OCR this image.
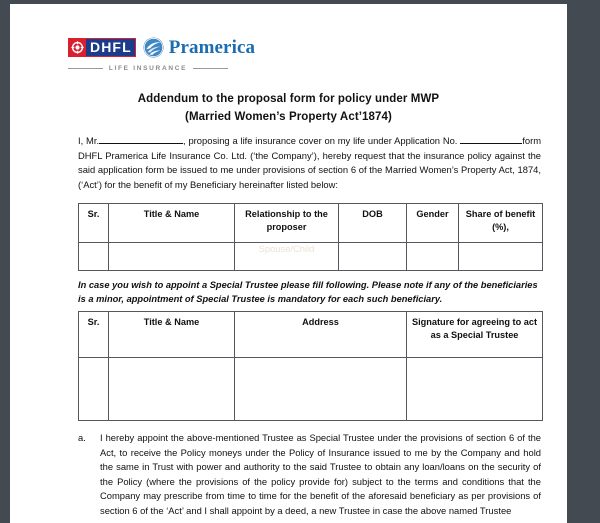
DHFL Pramerica
LIFE INSURANCE
Addendum to the proposal form for policy under MWP
(Married Women’s Property Act’1874)
I, Mr.	, proposing a life insurance cover on my life under Application No.	form DHFL Pramerica Life Insurance Co. Ltd. (‘the Company’), hereby request that the insurance policy against the said application form be issued to me under provisions of section 6 of the Married Women’s Property Act, 1874, (‘Act’) for the benefit of my Beneficiary hereinafter listed below:
Sr.	Title & Name	Relationship to the proposer	DOB	Gender	Share of benefit (%),
		Spouse/Child			
In case you wish to appoint a Special Trustee please fill following. Please note if any of the beneficiaries is a minor, appointment of Special Trustee is mandatory for each such beneficiary.
Sr.	Title & Name	Address	Signature for agreeing to act as a Special Trustee

a.	I hereby appoint the above-mentioned Trustee as Special Trustee under the provisions of section 6 of the Act, to receive the Policy moneys under the Policy of Insurance issued to me by the Company and hold the same in Trust with power and authority to the said Trustee to obtain any loan/loans on the security of the Policy (where the provisions of the policy provide for) subject to the terms and conditions that the Company may prescribe from time to time for the benefit of the aforesaid beneficiary as per provisions of section 6 of the ‘Act’ and I shall appoint by a deed, a new Trustee in case the above named Trustee
